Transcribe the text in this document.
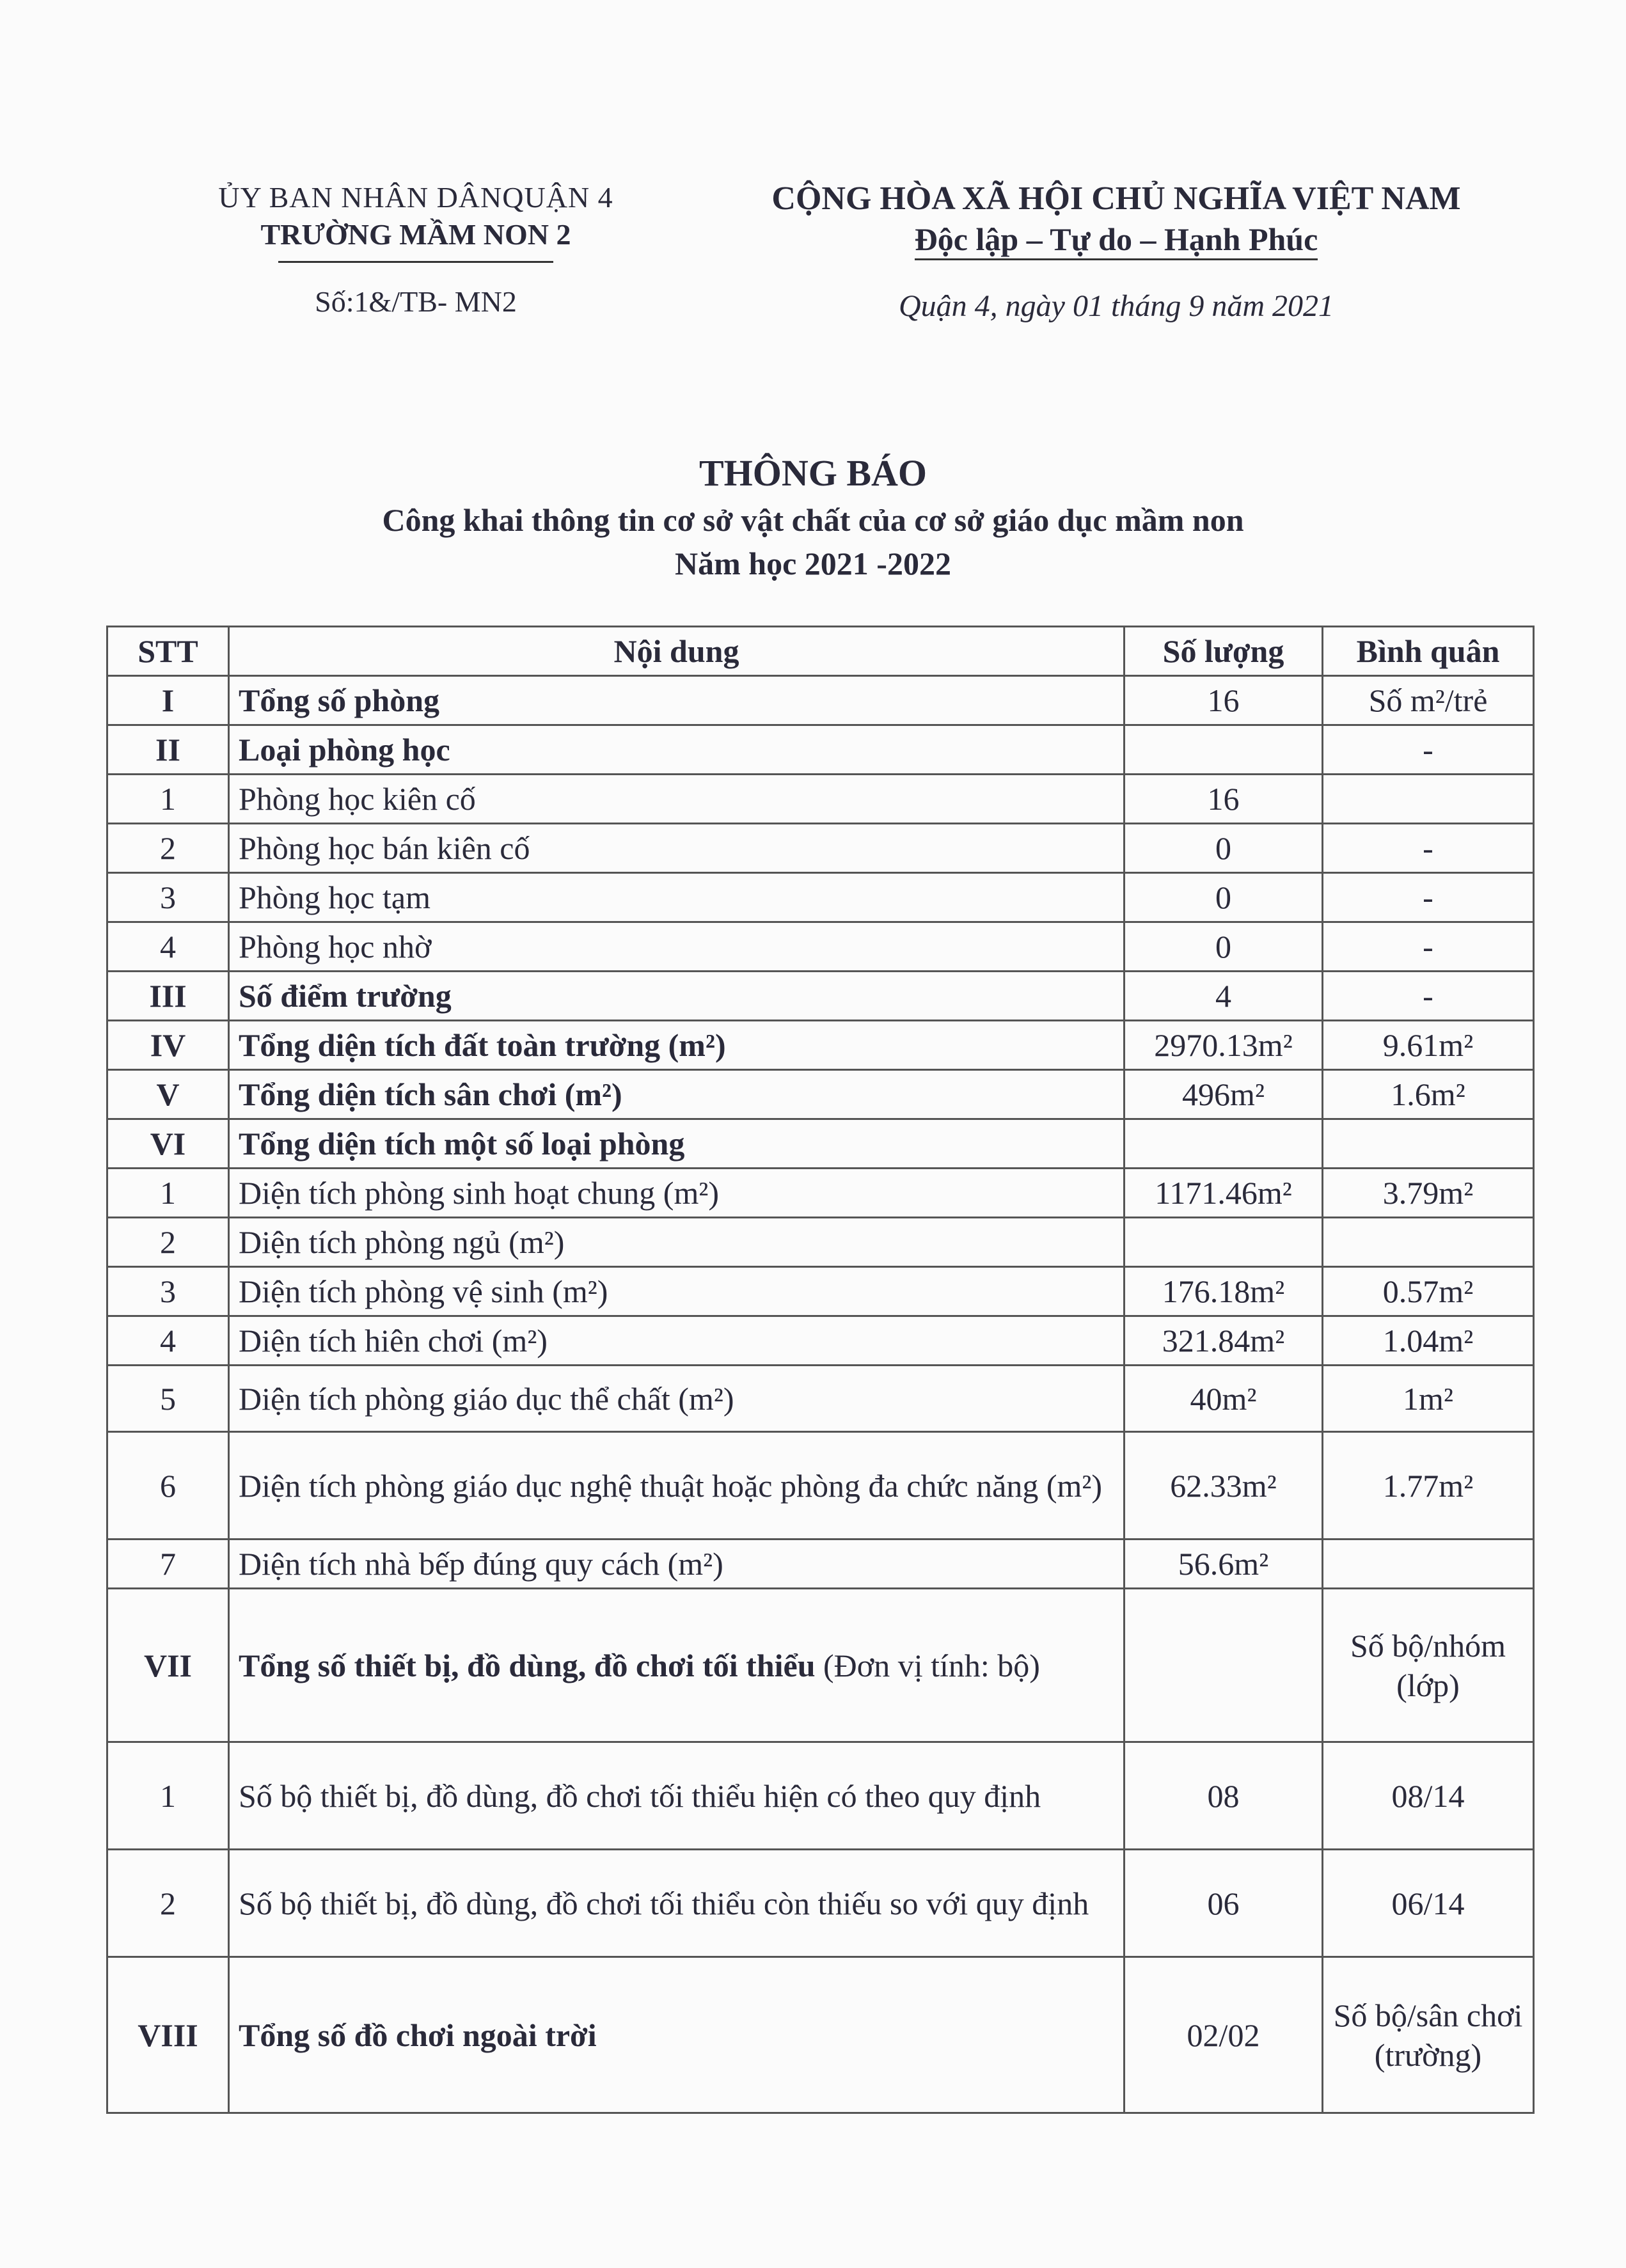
ỦY BAN NHÂN DÂNQUẬN 4
TRƯỜNG MẦM NON 2
Số:1&/TB- MN2
CỘNG HÒA XÃ HỘI CHỦ NGHĨA VIỆT NAM
Độc lập – Tự do – Hạnh Phúc
Quận 4, ngày 01 tháng 9 năm 2021
THÔNG BÁO
Công khai thông tin cơ sở vật chất của cơ sở giáo dục mầm non
Năm học 2021 -2022
STT	Nội dung	Số lượng	Bình quân
I	Tổng số phòng	16	Số m²/trẻ
II	Loại phòng học		-
1	Phòng học kiên cố	16	
2	Phòng học bán kiên cố	0	-
3	Phòng học tạm	0	-
4	Phòng học nhờ	0	-
III	Số điểm trường	4	-
IV	Tổng diện tích đất toàn trường (m²)	2970.13m²	9.61m²
V	Tổng diện tích sân chơi (m²)	496m²	1.6m²
VI	Tổng diện tích một số loại phòng		
1	Diện tích phòng sinh hoạt chung (m²)	1171.46m²	3.79m²
2	Diện tích phòng ngủ (m²)		
3	Diện tích phòng vệ sinh (m²)	176.18m²	0.57m²
4	Diện tích hiên chơi (m²)	321.84m²	1.04m²
5	Diện tích phòng giáo dục thể chất (m²)	40m²	1m²
6	Diện tích phòng giáo dục nghệ thuật hoặc phòng đa chức năng (m²)	62.33m²	1.77m²
7	Diện tích nhà bếp đúng quy cách (m²)	56.6m²	
VII	Tổng số thiết bị, đồ dùng, đồ chơi tối thiểu (Đơn vị tính: bộ)		Số bộ/nhóm (lớp)
1	Số bộ thiết bị, đồ dùng, đồ chơi tối thiểu hiện có theo quy định	08	08/14
2	Số bộ thiết bị, đồ dùng, đồ chơi tối thiểu còn thiếu so với quy định	06	06/14
VIII	Tổng số đồ chơi ngoài trời	02/02	Số bộ/sân chơi (trường)
